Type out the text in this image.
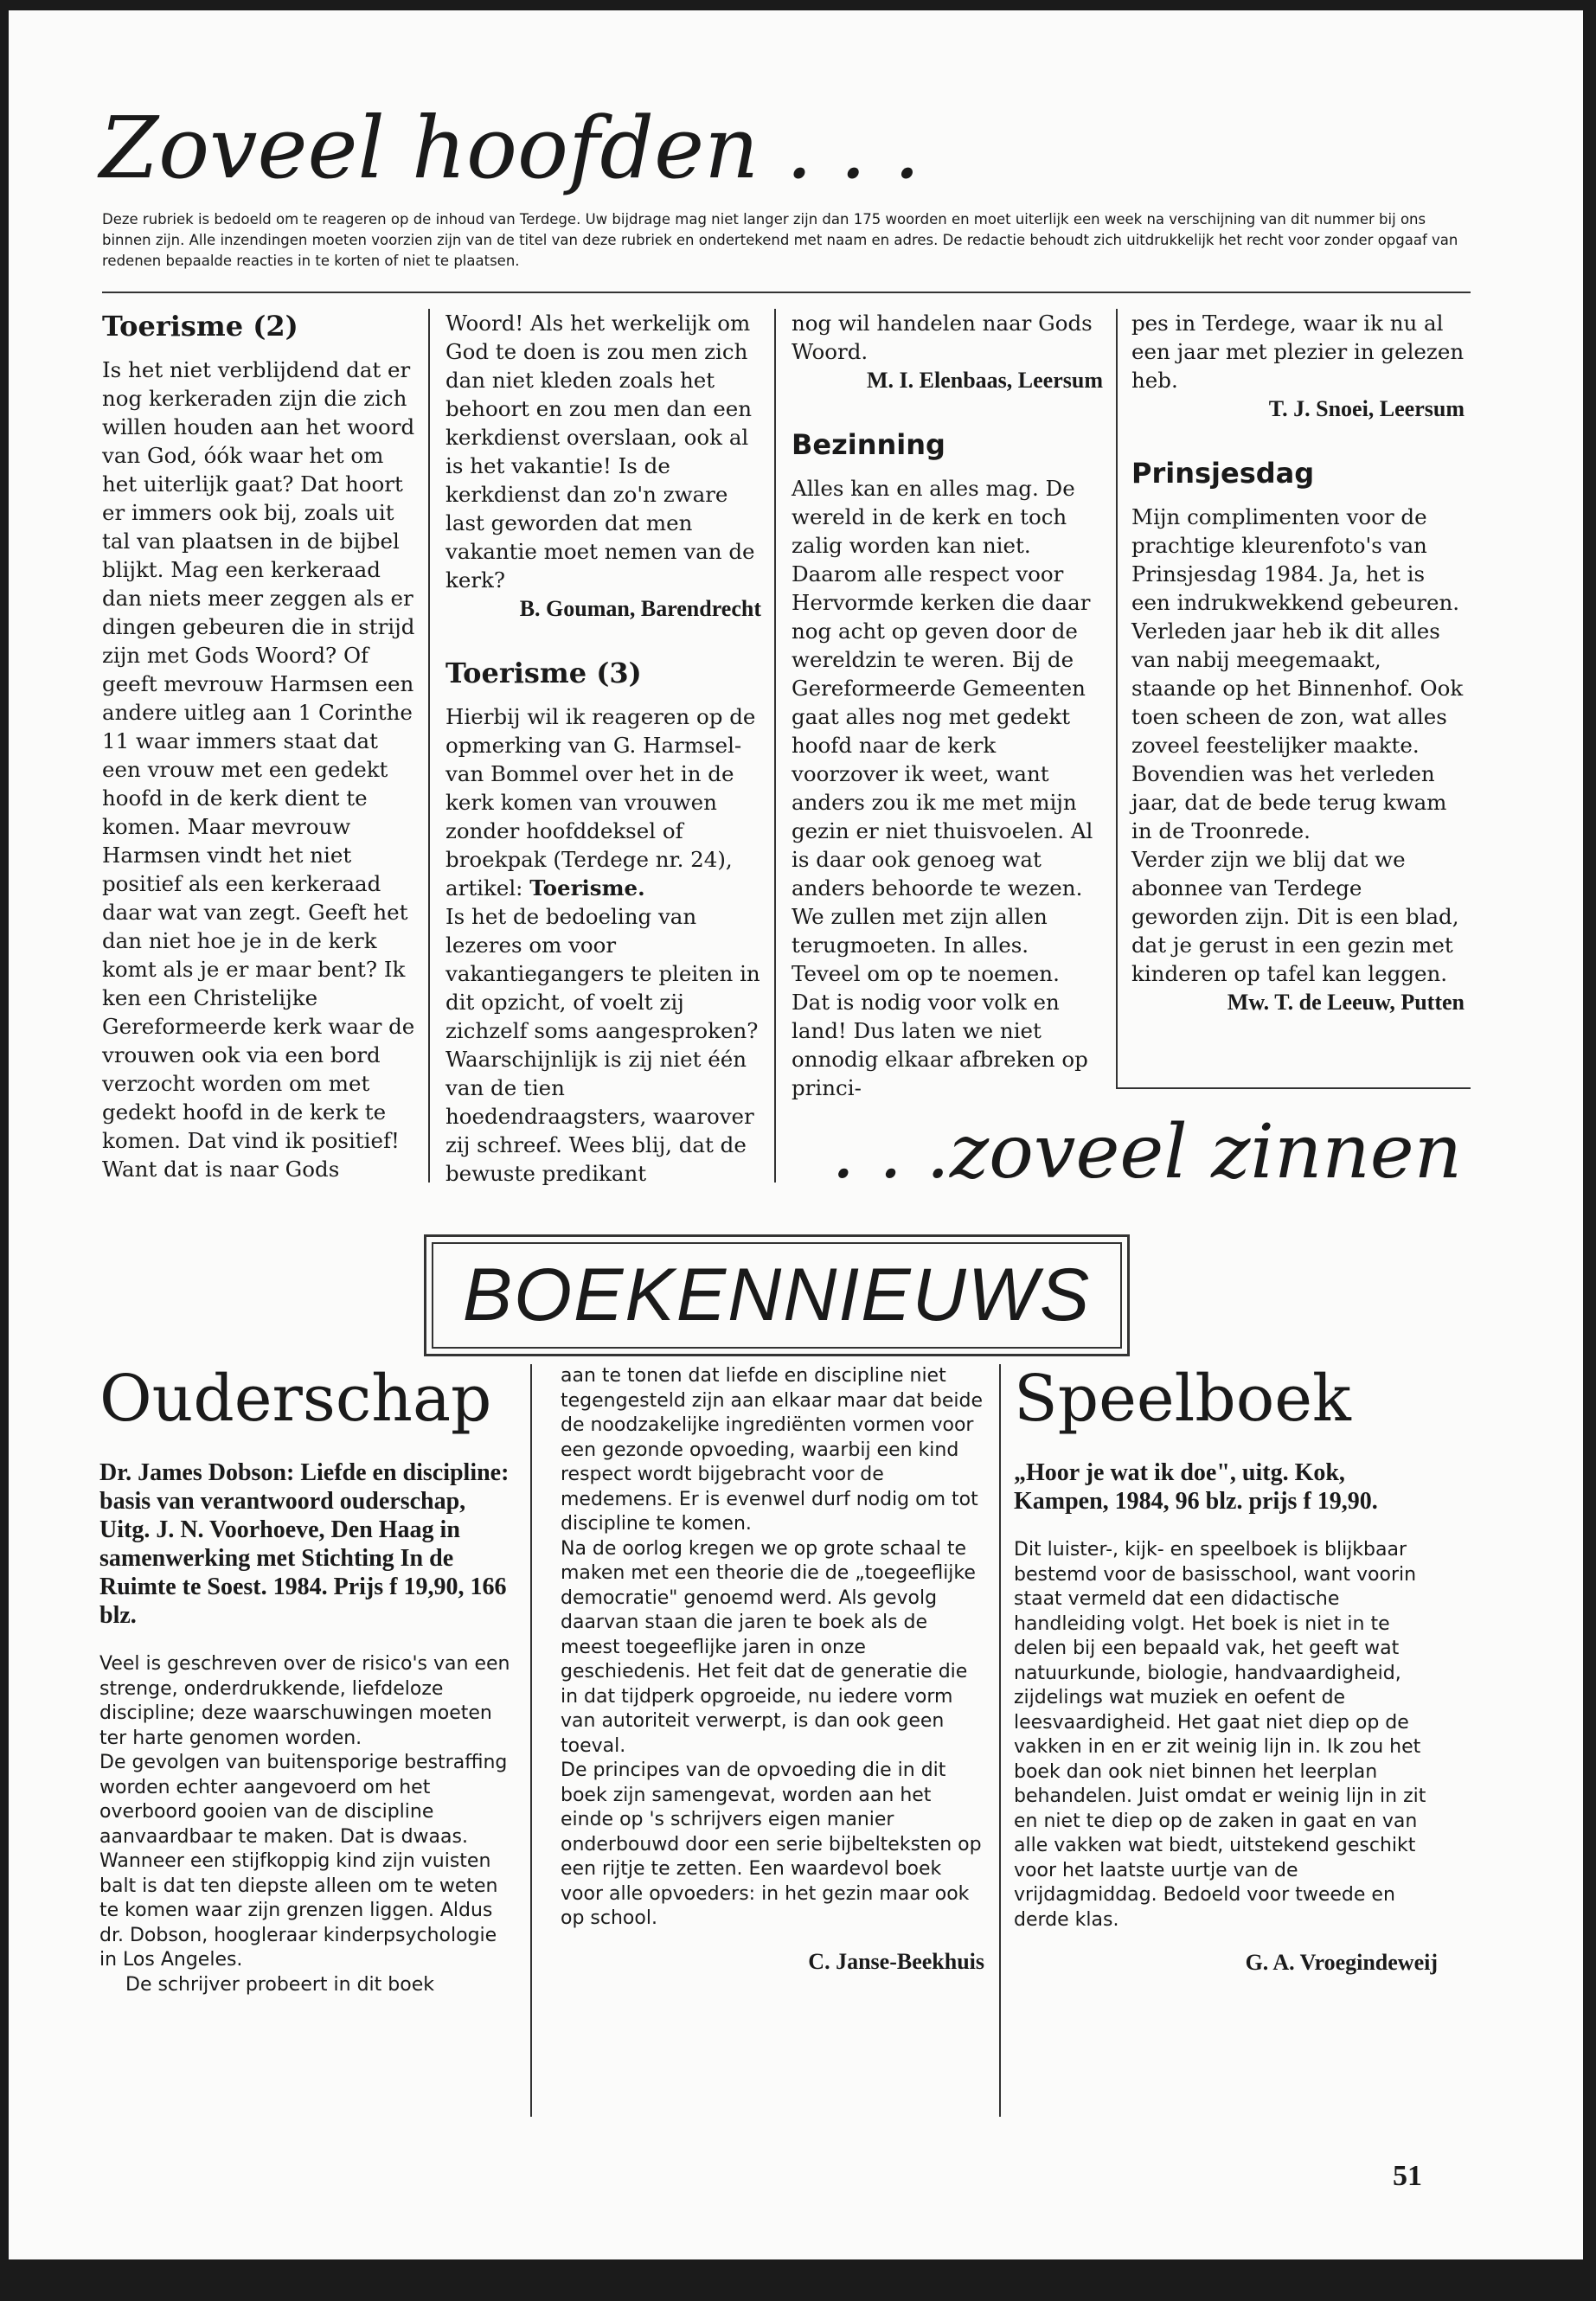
Zoveel hoofden . . .
Deze rubriek is bedoeld om te reageren op de inhoud van Terdege. Uw bijdrage mag niet langer zijn dan 175 woorden en moet uiterlijk een week na verschijning van dit nummer bij ons binnen zijn. Alle inzendingen moeten voorzien zijn van de titel van deze rubriek en ondertekend met naam en adres. De redactie behoudt zich uitdrukkelijk het recht voor zonder opgaaf van redenen bepaalde reacties in te korten of niet te plaatsen.
Toerisme (2)

Is het niet verblijdend dat er nog kerkeraden zijn die zich willen houden aan het woord van God, óók waar het om het uiterlijk gaat? Dat hoort er immers ook bij, zoals uit tal van plaatsen in de bijbel blijkt. Mag een kerkeraad dan niets meer zeggen als er dingen gebeuren die in strijd zijn met Gods Woord? Of geeft mevrouw Harmsen een andere uitleg aan 1 Corinthe 11 waar immers staat dat een vrouw met een gedekt hoofd in de kerk dient te komen. Maar mevrouw Harmsen vindt het niet positief als een kerkeraad daar wat van zegt. Geeft het dan niet hoe je in de kerk komt als je er maar bent? Ik ken een Christelijke Gereformeerde kerk waar de vrouwen ook via een bord verzocht worden om met gedekt hoofd in de kerk te komen. Dat vind ik positief! Want dat is naar Gods

Woord! Als het werkelijk om God te doen is zou men zich dan niet kleden zoals het behoort en zou men dan een kerkdienst overslaan, ook al is het vakantie! Is de kerkdienst dan zo'n zware last geworden dat men vakantie moet nemen van de kerk?

B. Gouman, Barendrecht

Toerisme (3)

Hierbij wil ik reageren op de opmerking van G. Harmsel-van Bommel over het in de kerk komen van vrouwen zonder hoofddeksel of broekpak (Terdege nr. 24), artikel: Toerisme.

Is het de bedoeling van lezeres om voor vakantiegangers te pleiten in dit opzicht, of voelt zij zichzelf soms aangesproken? Waarschijnlijk is zij niet één van de tien hoedendraagsters, waarover zij schreef. Wees blij, dat de bewuste predikant

nog wil handelen naar Gods Woord.

M. I. Elenbaas, Leersum

Bezinning

Alles kan en alles mag. De wereld in de kerk en toch zalig worden kan niet. Daarom alle respect voor Hervormde kerken die daar nog acht op geven door de wereldzin te weren. Bij de Gereformeerde Gemeenten gaat alles nog met gedekt hoofd naar de kerk voorzover ik weet, want anders zou ik me met mijn gezin er niet thuisvoelen. Al is daar ook genoeg wat anders behoorde te wezen. We zullen met zijn allen terugmoeten. In alles. Teveel om op te noemen. Dat is nodig voor volk en land! Dus laten we niet onnodig elkaar afbreken op princi-

pes in Terdege, waar ik nu al een jaar met plezier in gelezen heb.

T. J. Snoei, Leersum

Prinsjesdag

Mijn complimenten voor de prachtige kleurenfoto's van Prinsjesdag 1984. Ja, het is een indrukwekkend gebeuren. Verleden jaar heb ik dit alles van nabij meegemaakt, staande op het Binnenhof. Ook toen scheen de zon, wat alles zoveel feestelijker maakte. Bovendien was het verleden jaar, dat de bede terug kwam in de Troonrede.

Verder zijn we blij dat we abonnee van Terdege geworden zijn. Dit is een blad, dat je gerust in een gezin met kinderen op tafel kan leggen.

Mw. T. de Leeuw, Putten

. . .zoveel zinnen
BOEKENNIEUWS

Ouderschap

Dr. James Dobson: Liefde en discipline: basis van verantwoord ouderschap, Uitg. J. N. Voorhoeve, Den Haag in samenwerking met Stichting In de Ruimte te Soest. 1984. Prijs f 19,90, 166 blz.

Veel is geschreven over de risico's van een strenge, onderdrukkende, liefdeloze discipline; deze waarschuwingen moeten ter harte genomen worden.

De gevolgen van buitensporige bestraffing worden echter aangevoerd om het overboord gooien van de discipline aanvaardbaar te maken. Dat is dwaas. Wanneer een stijfkoppig kind zijn vuisten balt is dat ten diepste alleen om te weten te komen waar zijn grenzen liggen. Aldus dr. Dobson, hoogleraar kinderpsychologie in Los Angeles.

De schrijver probeert in dit boek

aan te tonen dat liefde en discipline niet tegengesteld zijn aan elkaar maar dat beide de noodzakelijke ingrediënten vormen voor een gezonde opvoeding, waarbij een kind respect wordt bijgebracht voor de medemens. Er is evenwel durf nodig om tot discipline te komen.

Na de oorlog kregen we op grote schaal te maken met een theorie die de „toegeeflijke democratie" genoemd werd. Als gevolg daarvan staan die jaren te boek als de meest toegeeflijke jaren in onze geschiedenis. Het feit dat de generatie die in dat tijdperk opgroeide, nu iedere vorm van autoriteit verwerpt, is dan ook geen toeval.

De principes van de opvoeding die in dit boek zijn samengevat, worden aan het einde op 's schrijvers eigen manier onderbouwd door een serie bijbelteksten op een rijtje te zetten. Een waardevol boek voor alle opvoeders: in het gezin maar ook op school.

C. Janse-Beekhuis

Speelboek

„Hoor je wat ik doe", uitg. Kok, Kampen, 1984, 96 blz. prijs f 19,90.

Dit luister-, kijk- en speelboek is blijkbaar bestemd voor de basisschool, want voorin staat vermeld dat een didactische handleiding volgt. Het boek is niet in te delen bij een bepaald vak, het geeft wat natuurkunde, biologie, handvaardigheid, zijdelings wat muziek en oefent de leesvaardigheid. Het gaat niet diep op de vakken in en er zit weinig lijn in. Ik zou het boek dan ook niet binnen het leerplan behandelen. Juist omdat er weinig lijn in zit en niet te diep op de zaken in gaat en van alle vakken wat biedt, uitstekend geschikt voor het laatste uurtje van de vrijdagmiddag. Bedoeld voor tweede en derde klas.

G. A. Vroegindeweij

51
